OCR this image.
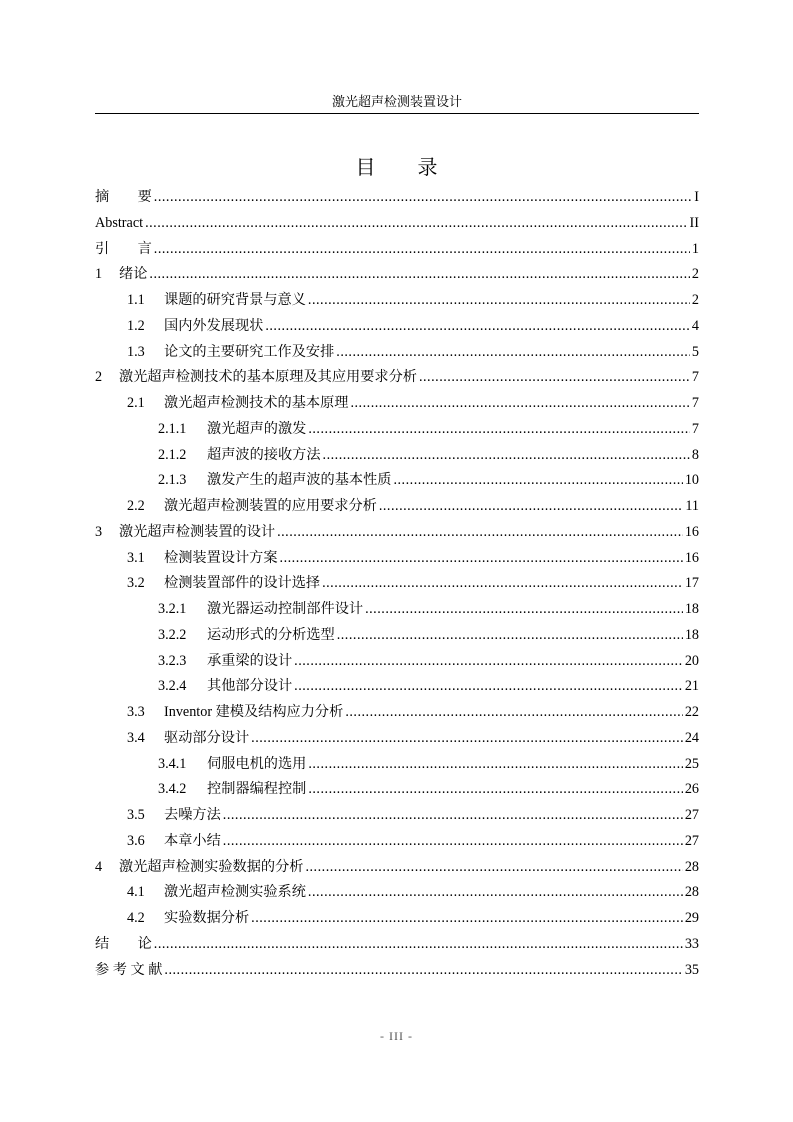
激光超声检测装置设计
目 录
摘　　要 .....	I
Abstract .....	II
引　　言 .....	1
1	绪论 .....	2
1.1	课题的研究背景与意义 .....	2
1.2	国内外发展现状 .....	4
1.3	论文的主要研究工作及安排 .....	5
2	激光超声检测技术的基本原理及其应用要求分析 .....	7
2.1	激光超声检测技术的基本原理 .....	7
2.1.1	激光超声的激发 .....	7
2.1.2	超声波的接收方法 .....	8
2.1.3	激发产生的超声波的基本性质 .....	10
2.2	激光超声检测装置的应用要求分析 .....	11
3	激光超声检测装置的设计 .....	16
3.1	检测装置设计方案 .....	16
3.2	检测装置部件的设计选择 .....	17
3.2.1	激光器运动控制部件设计 .....	18
3.2.2	运动形式的分析选型 .....	18
3.2.3	承重梁的设计 .....	20
3.2.4	其他部分设计 .....	21
3.3	Inventor 建模及结构应力分析 .....	22
3.4	驱动部分设计 .....	24
3.4.1	伺服电机的选用 .....	25
3.4.2	控制器编程控制 .....	26
3.5	去噪方法 .....	27
3.6	本章小结 .....	27
4	激光超声检测实验数据的分析 .....	28
4.1	激光超声检测实验系统 .....	28
4.2	实验数据分析 .....	29
结　　论 .....	33
参 考 文 献 .....	35
- III -
